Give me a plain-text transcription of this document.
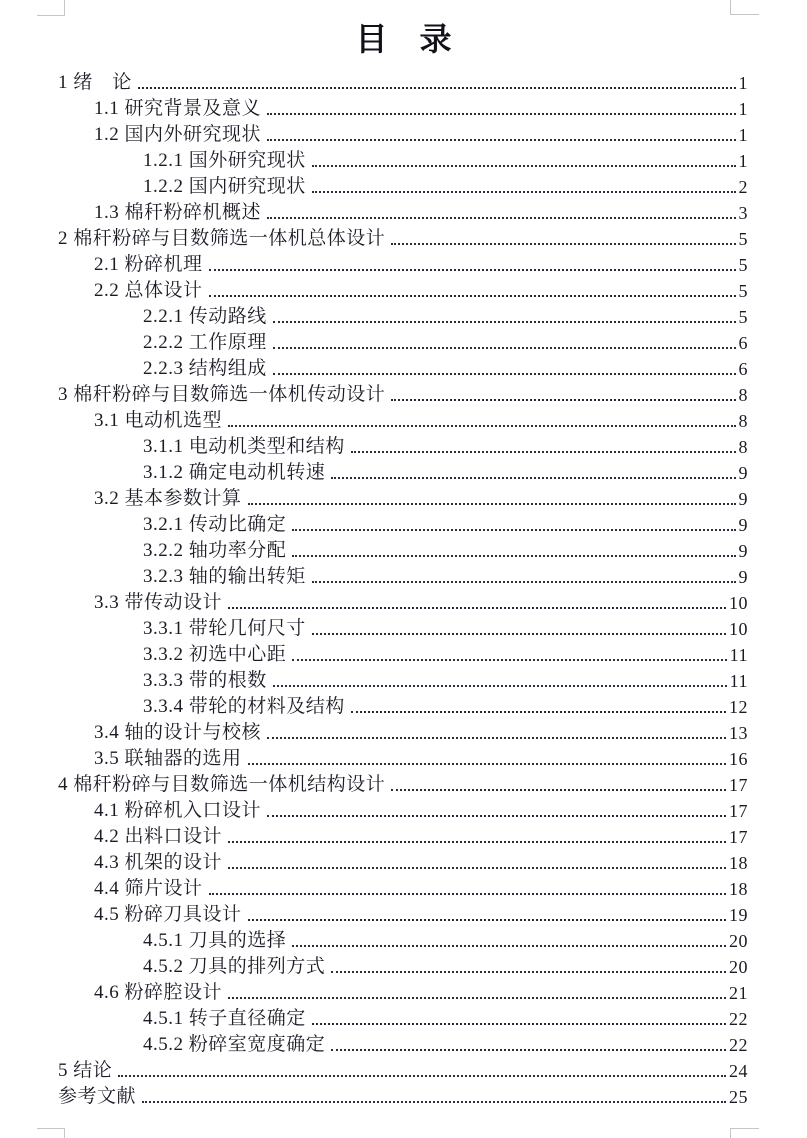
目　录
1 绪　论	1
1.1 研究背景及意义	1
1.2 国内外研究现状	1
1.2.1 国外研究现状	1
1.2.2 国内研究现状	2
1.3 棉秆粉碎机概述	3
2 棉秆粉碎与目数筛选一体机总体设计	5
2.1 粉碎机理	5
2.2 总体设计	5
2.2.1 传动路线	5
2.2.2 工作原理	6
2.2.3 结构组成	6
3 棉秆粉碎与目数筛选一体机传动设计	8
3.1 电动机选型	8
3.1.1 电动机类型和结构	8
3.1.2 确定电动机转速	9
3.2 基本参数计算	9
3.2.1 传动比确定	9
3.2.2 轴功率分配	9
3.2.3 轴的输出转矩	9
3.3 带传动设计	10
3.3.1 带轮几何尺寸	10
3.3.2 初选中心距	11
3.3.3 带的根数	11
3.3.4 带轮的材料及结构	12
3.4 轴的设计与校核	13
3.5 联轴器的选用	16
4 棉秆粉碎与目数筛选一体机结构设计	17
4.1 粉碎机入口设计	17
4.2 出料口设计	17
4.3 机架的设计	18
4.4 筛片设计	18
4.5 粉碎刀具设计	19
4.5.1 刀具的选择	20
4.5.2 刀具的排列方式	20
4.6 粉碎腔设计	21
4.5.1 转子直径确定	22
4.5.2 粉碎室宽度确定	22
5 结论	24
参考文献	25
